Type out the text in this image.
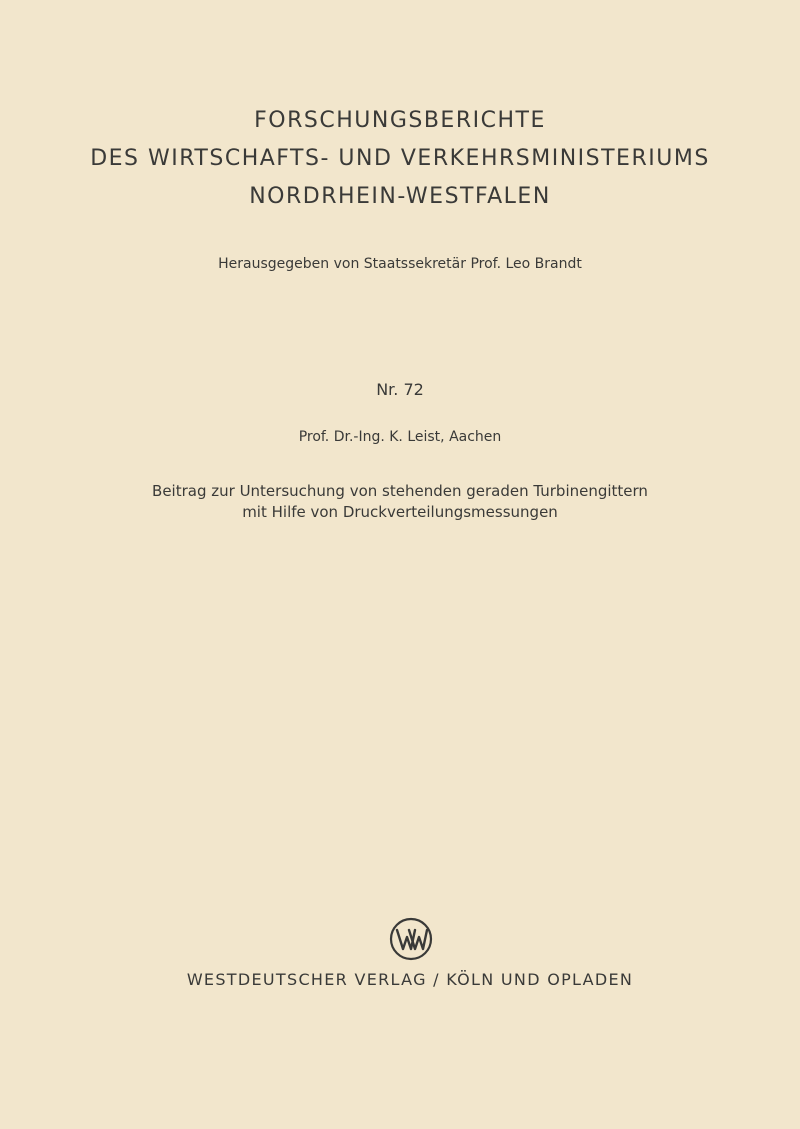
FORSCHUNGSBERICHTE
DES WIRTSCHAFTS- UND VERKEHRSMINISTERIUMS
NORDRHEIN-WESTFALEN
Herausgegeben von Staatssekretär Prof. Leo Brandt
Nr. 72
Prof. Dr.-Ing. K. Leist, Aachen
Beitrag zur Untersuchung von stehenden geraden Turbinengittern
mit Hilfe von Druckverteilungsmessungen
WESTDEUTSCHER VERLAG / KÖLN UND OPLADEN
